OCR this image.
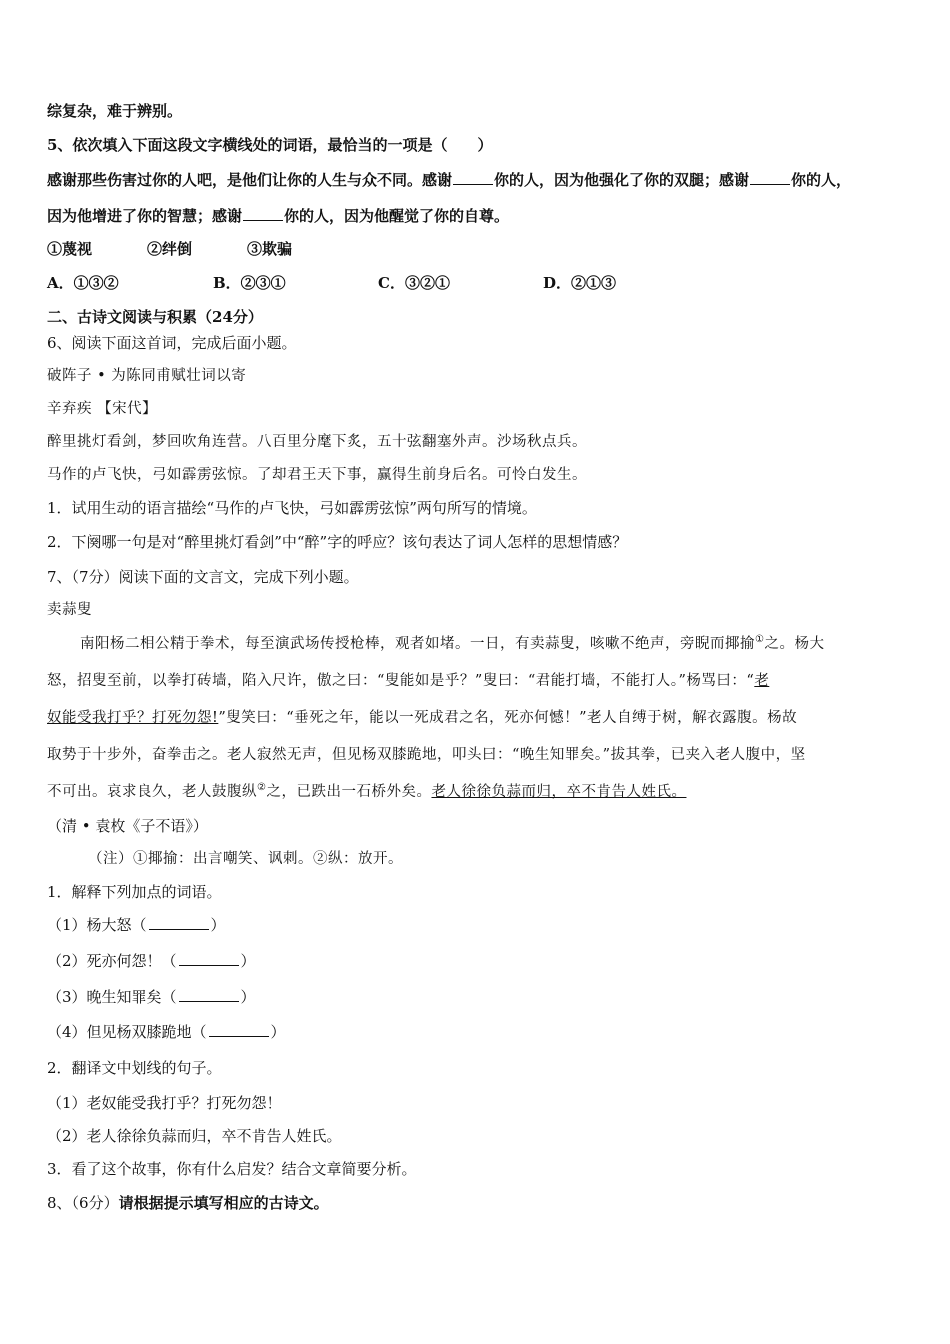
综复杂，难于辨别。
5、依次填入下面这段文字横线处的词语，最恰当的一项是（　　）
感谢那些伤害过你的人吧，是他们让你的人生与众不同。感谢	你的人，因为他强化了你的双腿；感谢	你的人，
因为他增进了你的智慧；感谢	你的人，因为他醒觉了你的自尊。
①蔑视	②绊倒	③欺骗
A．①③②	B．②③①	C．③②①	D．②①③
二、古诗文阅读与积累（24分）
6、阅读下面这首词，完成后面小题。
破阵子 • 为陈同甫赋壮词以寄
辛弃疾 【宋代】
醉里挑灯看剑，梦回吹角连营。八百里分麾下炙，五十弦翻塞外声。沙场秋点兵。
马作的卢飞快，弓如霹雳弦惊。了却君王天下事，赢得生前身后名。可怜白发生。
1．试用生动的语言描绘“马作的卢飞快，弓如霹雳弦惊”两句所写的情境。
2．下阕哪一句是对“醉里挑灯看剑”中“醉”字的呼应？该句表达了词人怎样的思想情感？
7、（7分）阅读下面的文言文，完成下列小题。
卖蒜叟
南阳杨二相公精于拳术，每至演武场传授枪棒，观者如堵。一日，有卖蒜叟，咳嗽不绝声，旁睨而揶揄①之。杨大
怒，招叟至前，以拳打砖墙，陷入尺许，傲之曰：“叟能如是乎？”叟曰：“君能打墙，不能打人。”杨骂曰：“老
奴能受我打乎？打死勿怨!”叟笑曰：“垂死之年，能以一死成君之名，死亦何憾！”老人自缚于树，解衣露腹。杨故
取势于十步外，奋拳击之。老人寂然无声，但见杨双膝跪地，叩头曰：“晚生知罪矣。”拔其拳，已夹入老人腹中，坚
不可出。哀求良久，老人鼓腹纵②之，已跌出一石桥外矣。老人徐徐负蒜而归，卒不肯告人姓氏。
（清 • 袁枚《子不语》）
（注）①揶揄：出言嘲笑、讽刺。②纵：放开。
1．解释下列加点的词语。
（1）杨大怒（	）
（2）死亦何怨！（	）
（3）晚生知罪矣（	）
（4）但见杨双膝跪地（	）
2．翻译文中划线的句子。
（1）老奴能受我打乎？打死勿怨！
（2）老人徐徐负蒜而归，卒不肯告人姓氏。
3．看了这个故事，你有什么启发？结合文章简要分析。
8、（6分）请根据提示填写相应的古诗文。
